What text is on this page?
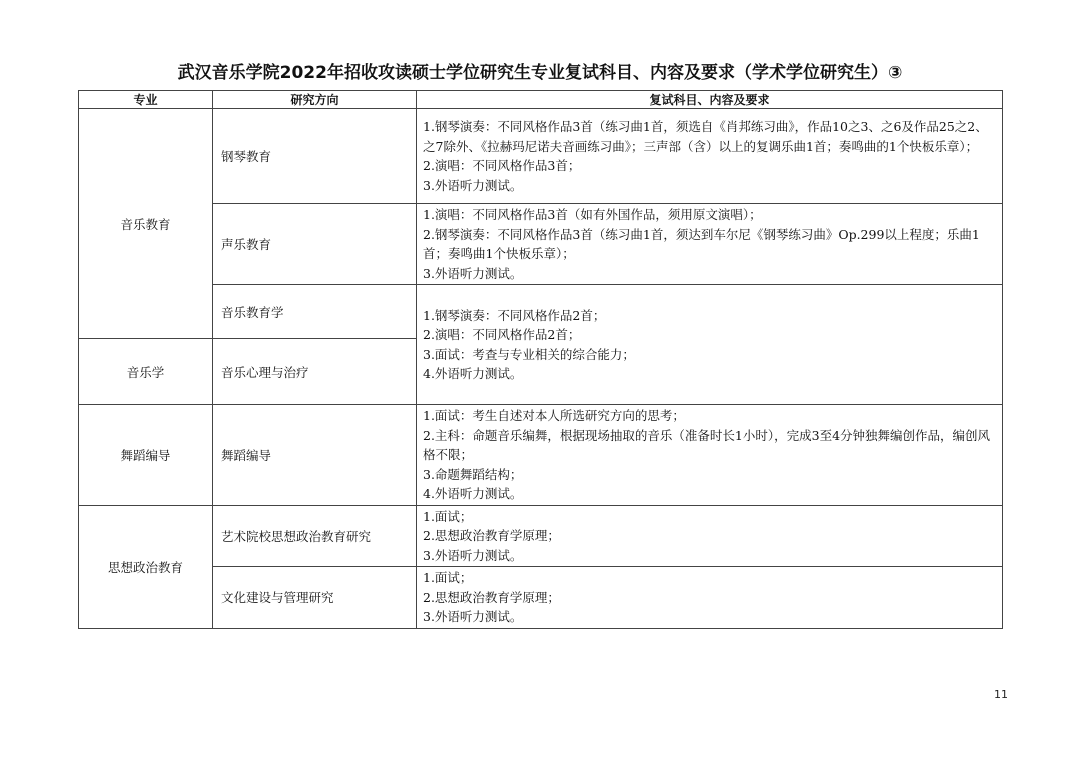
武汉音乐学院2022年招收攻读硕士学位研究生专业复试科目、内容及要求（学术学位研究生）③
专业	研究方向	复试科目、内容及要求
音乐教育	钢琴教育	1.钢琴演奏：不同风格作品3首（练习曲1首，须选自《肖邦练习曲》，作品10之3、之6及作品25之2、之7除外、《拉赫玛尼诺夫音画练习曲》；三声部（含）以上的复调乐曲1首；奏鸣曲的1个快板乐章）；
2.演唱：不同风格作品3首；
3.外语听力测试。

	声乐教育	1.演唱：不同风格作品3首（如有外国作品，须用原文演唱）；
2.钢琴演奏：不同风格作品3首（练习曲1首，须达到车尔尼《钢琴练习曲》Op.299以上程度；乐曲1首；奏鸣曲1个快板乐章）；
3.外语听力测试。

	音乐教育学	1.钢琴演奏：不同风格作品2首；
2.演唱：不同风格作品2首；
3.面试：考查与专业相关的综合能力；
4.外语听力测试。

音乐学	音乐心理与治疗	
舞蹈编导	舞蹈编导	1.面试：考生自述对本人所选研究方向的思考；
2.主科：命题音乐编舞，根据现场抽取的音乐（准备时长1小时），完成3至4分钟独舞编创作品，编创风格不限；
3.命题舞蹈结构；
4.外语听力测试。

思想政治教育	艺术院校思想政治教育研究	1.面试；
2.思想政治教育学原理；
3.外语听力测试。

	文化建设与管理研究	1.面试；
2.思想政治教育学原理；
3.外语听力测试。
11
